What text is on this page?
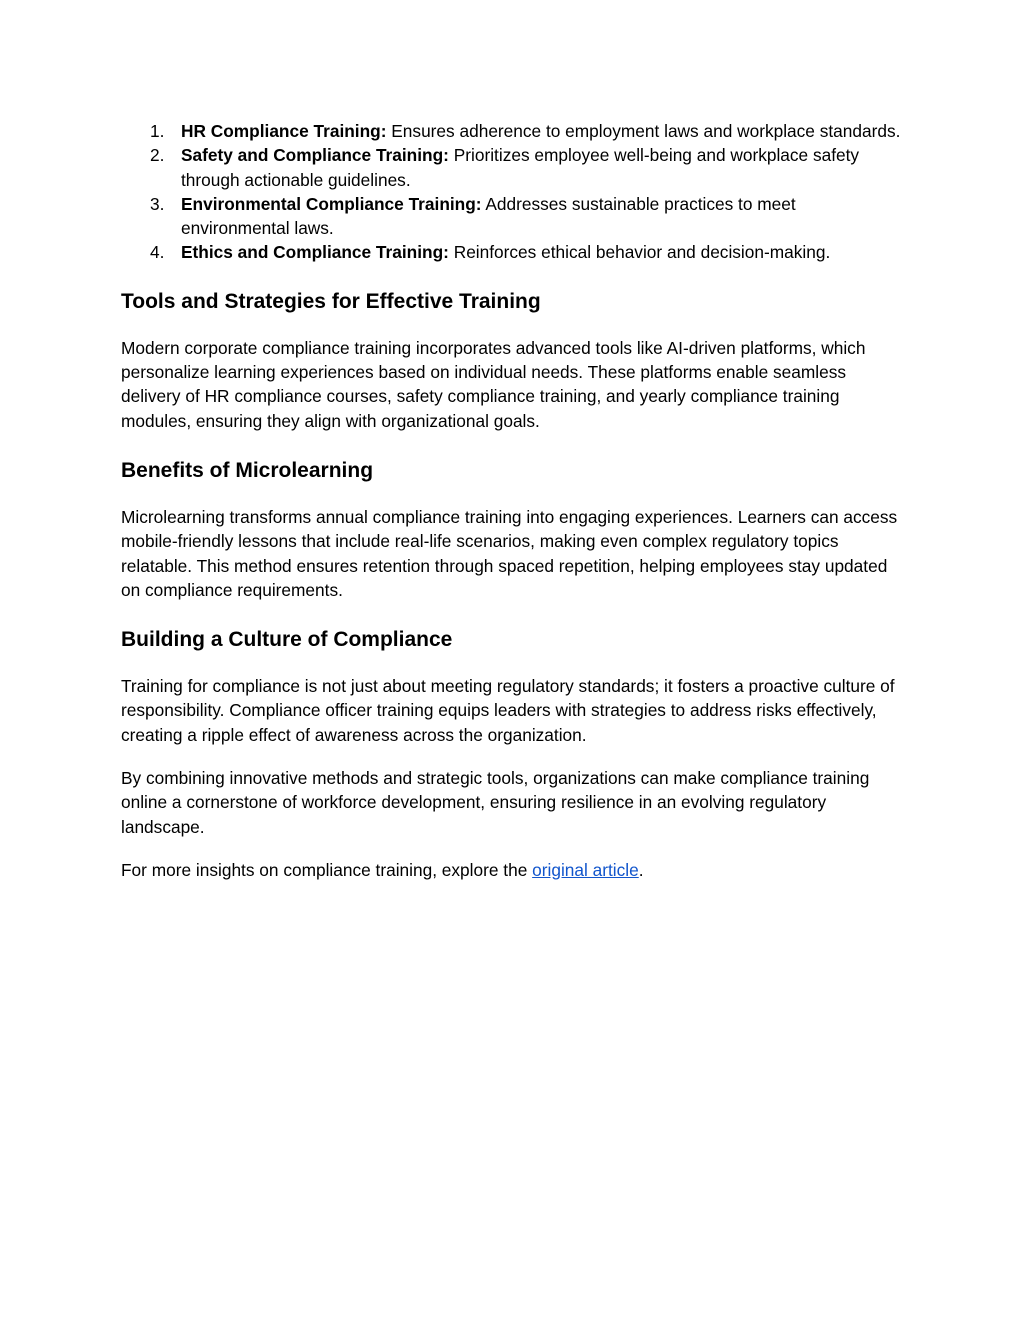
1. HR Compliance Training: Ensures adherence to employment laws and workplace standards.
2. Safety and Compliance Training: Prioritizes employee well-being and workplace safety through actionable guidelines.
3. Environmental Compliance Training: Addresses sustainable practices to meet environmental laws.
4. Ethics and Compliance Training: Reinforces ethical behavior and decision-making.
Tools and Strategies for Effective Training

Modern corporate compliance training incorporates advanced tools like AI-driven platforms, which personalize learning experiences based on individual needs. These platforms enable seamless delivery of HR compliance courses, safety compliance training, and yearly compliance training modules, ensuring they align with organizational goals.

Benefits of Microlearning

Microlearning transforms annual compliance training into engaging experiences. Learners can access mobile-friendly lessons that include real-life scenarios, making even complex regulatory topics relatable. This method ensures retention through spaced repetition, helping employees stay updated on compliance requirements.

Building a Culture of Compliance

Training for compliance is not just about meeting regulatory standards; it fosters a proactive culture of responsibility. Compliance officer training equips leaders with strategies to address risks effectively, creating a ripple effect of awareness across the organization.

By combining innovative methods and strategic tools, organizations can make compliance training online a cornerstone of workforce development, ensuring resilience in an evolving regulatory landscape.

For more insights on compliance training, explore the original article.
